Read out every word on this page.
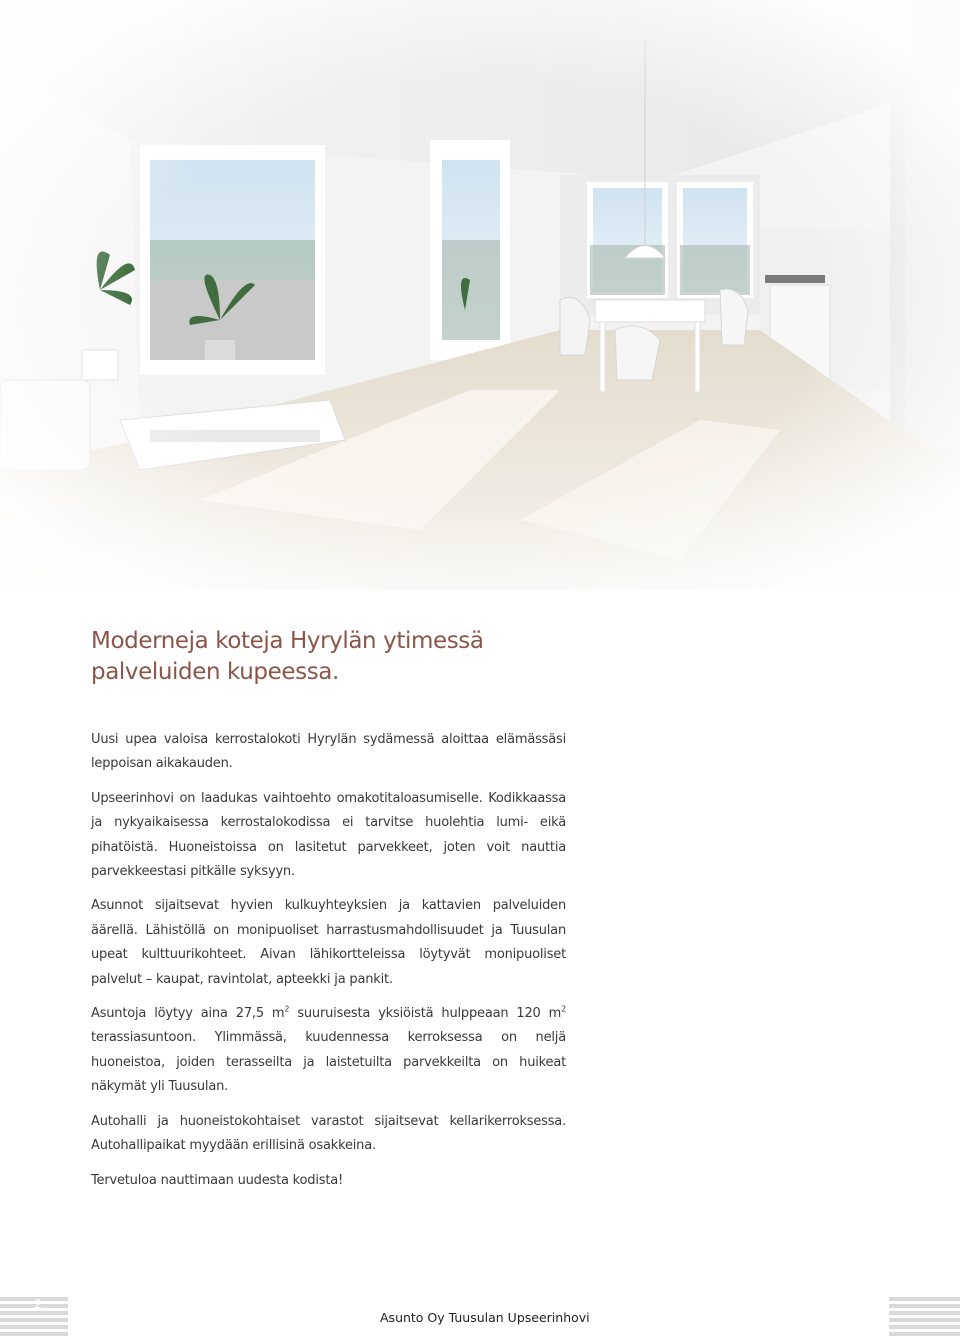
Moderneja koteja Hyrylän ytimessä
palveluiden kupeessa.

Uusi upea valoisa kerrostalokoti Hyrylän sydämessä aloittaa elämässäsi leppoisan aikakauden.

Upseerinhovi on laadukas vaihtoehto omakotitaloasumiselle. Kodikkaassa ja nykyaikaisessa kerrostalokodissa ei tarvitse huolehtia lumi- eikä pihatöistä. Huoneistoissa on lasitetut parvekkeet, joten voit nauttia parvekkeestasi pitkälle syksyyn.

Asunnot sijaitsevat hyvien kulkuyhteyksien ja kattavien palveluiden äärellä. Lähistöllä on monipuoliset harrastusmahdollisuudet ja Tuusulan upeat kulttuurikohteet. Aivan lähikortteleissa löytyvät monipuoliset palvelut – kaupat, ravintolat, apteekki ja pankit.

Asuntoja löytyy aina 27,5 $m^2$ suuruisesta yksiöistä hulppeaan 120 $m^2$ terassiasuntoon. Ylimmässä, kuudennessa kerroksessa on neljä huoneistoa, joiden terasseilta ja laistetuilta parvekkeilta on huikeat näkymät yli Tuusulan.

Autohalli ja huoneistokohtaiset varastot sijaitsevat kellarikerroksessa. Autohallipaikat myydään erillisinä osakkeina.

Tervetuloa nauttimaan uudesta kodista!

2
Asunto Oy Tuusulan Upseerinhovi
